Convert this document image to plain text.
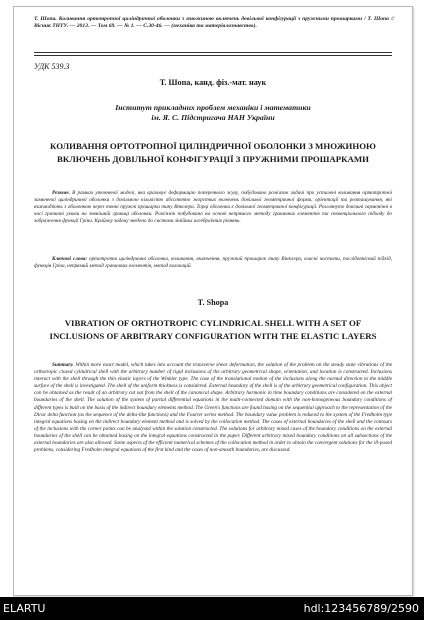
Т. Шопа. Коливання ортотропної циліндричної оболонки з множиною включень довільної конфігурації з пружними прошарками / Т. Шопа // Вісник ТНТУ. — 2013. — Том 69. — № 1. — С.30-46. — (механіка та матеріалознавство).
УДК 539.3
Т. Шопа, канд. фіз.-мат. наук
Інститут прикладних проблем механіки і математики
ім. Я. С. Підстригача НАН України
КОЛИВАННЯ ОРТОТРОПНОЇ ЦИЛІНДРИЧНОЇ ОБОЛОНКИ З МНОЖИНОЮ ВКЛЮЧЕНЬ ДОВІЛЬНОЇ КОНФІГУРАЦІЇ З ПРУЖНИМИ ПРОШАРКАМИ

Резюме. В рамках уточненої моделі, яка враховує деформацію поперечного зсуву, побудовано розв'язок задачі про усталені коливання ортотропної замкненої циліндричної оболонки з довільною кількістю абсолютно жорстких включень довільної геометричної форми, орієнтації та розташування, які взаємодіють з оболонкою через тонкі пружні прошарки типу Вінклера. Торці оболонки є довільної геометричної конфігурації. Розглянуто довільні гармонічні в часі граничні умови на зовнішній границі оболонки. Розв'язок побудовано на основі непрямого методу граничних елементів та секвенціального підходу до зображення функції Гріна. Крайову задачу зведено до системи лінійних алгебраїчних рівнянь.

Ключові слова: ортотропна циліндрична оболонка, коливання, включення, пружний прошарок типу Вінклера, власні частоти, послідовнісний підхід, функція Гріна, непрямий метод граничних елементів, метод колокацій.

T. Shopa
VIBRATION OF ORTHOTROPIC CYLINDRICAL SHELL WITH A SET OF INCLUSIONS OF ARBITRARY CONFIGURATION WITH THE ELASTIC LAYERS

Summary. Within more exact model, which takes into account the transverse shear deformation, the solution of the problem on the steady state vibrations of the orthotropic closed cylindrical shell with the arbitrary number of rigid inclusions of the arbitrary geometrical shape, orientation, and location is constructed. Inclusions interact with the shell through the thin elastic layers of the Winkler type. The case of the translational motion of the inclusions along the normal direction to the middle surface of the shell is investigated. The shell of the uniform thickness is considered. External boundary of the shell is of the arbitrary geometrical configuration. This object can be obtained as the result of an arbitrary cut out from the shell of the canonical shape. Arbitrary harmonic in time boundary conditions are considered on the external boundaries of the shell. The solution of the system of partial differential equations in the multi-connected domain with the non-homogeneous boundary conditions of different types is built on the basis of the indirect boundary elements method. The Green's functions are found basing on the sequential approach to the representation of the Dirac delta function (as the sequence of the delta-like functions) and the Fourier series method. The boundary value problem is reduced to the system of the Fredholm type integral equations basing on the indirect boundary element method and is solved by the collocation method. The cases of external boundaries of the shell and the contours of the inclusions with the corner points can be analysed within the solution constructed. The solutions for arbitrary mixed cases of the boundary conditions on the external boundaries of the shell can be obtained basing on the integral equations constructed in the paper. Different arbitrary mixed boundary conditions on all subsections of the external boundaries are also allowed. Some aspects of the efficient numerical schemes of the collocation method in order to obtain the convergent solutions for the ill-posed problems, considering Fredholm integral equations of the first kind and the cases of non-smooth boundaries, are discussed.

ELARTU	hdl:123456789/2590
